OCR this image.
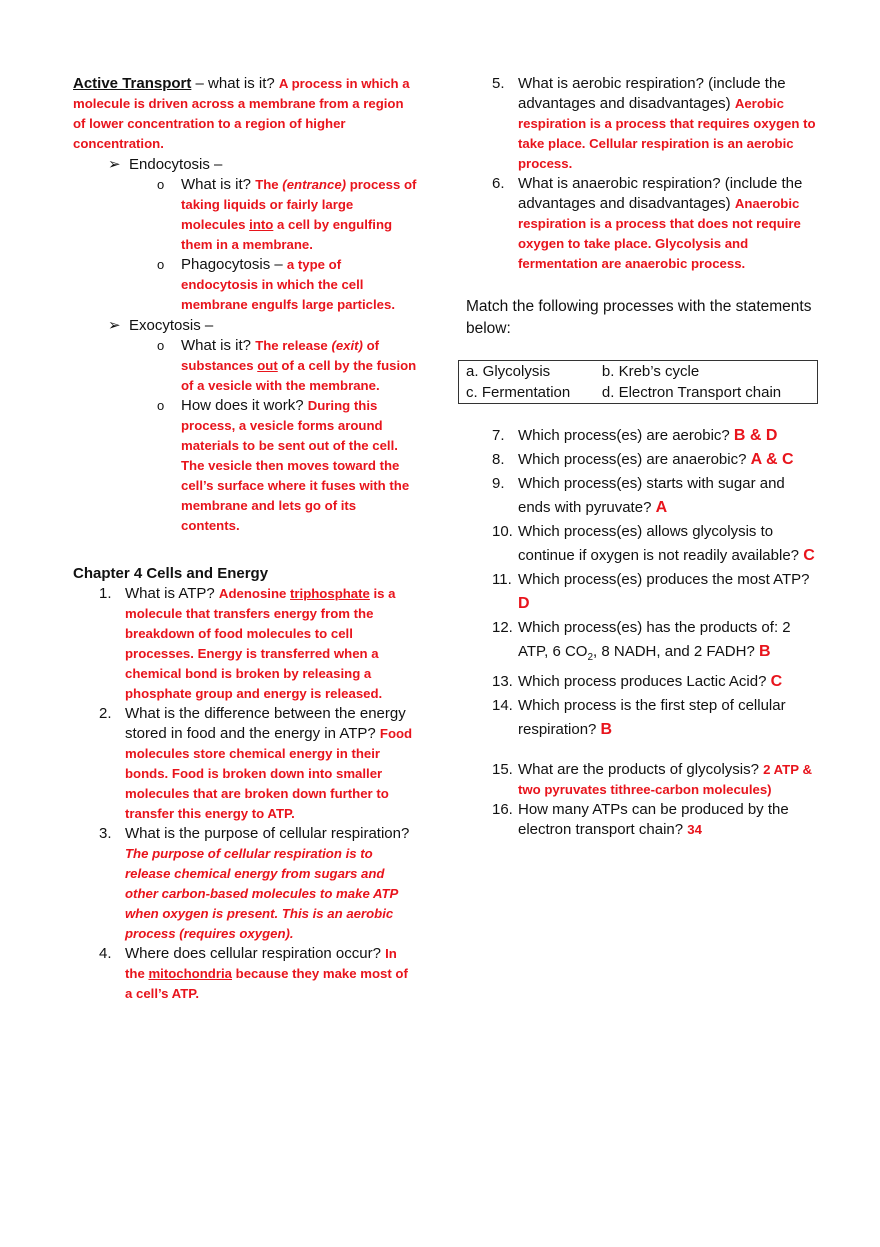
Active Transport – what is it? A process in which a molecule is driven across a membrane from a region of lower concentration to a region of higher concentration.
➢ Endocytosis –
o What is it? The (entrance) process of taking liquids or fairly large molecules into a cell by engulfing them in a membrane.
o Phagocytosis – a type of endocytosis in which the cell membrane engulfs large particles.
➢ Exocytosis –
o What is it? The release (exit) of substances out of a cell by the fusion of a vesicle with the membrane.
o How does it work? During this process, a vesicle forms around materials to be sent out of the cell. The vesicle then moves toward the cell’s surface where it fuses with the membrane and lets go of its contents.
Chapter 4 Cells and Energy
1. What is ATP? Adenosine triphosphate is a molecule that transfers energy from the breakdown of food molecules to cell processes. Energy is transferred when a chemical bond is broken by releasing a phosphate group and energy is released.
2. What is the difference between the energy stored in food and the energy in ATP? Food molecules store chemical energy in their bonds. Food is broken down into smaller molecules that are broken down further to transfer this energy to ATP.
3. What is the purpose of cellular respiration? The purpose of cellular respiration is to release chemical energy from sugars and other carbon-based molecules to make ATP when oxygen is present. This is an aerobic process (requires oxygen).
4. Where does cellular respiration occur? In the mitochondria because they make most of a cell’s ATP.
5. What is aerobic respiration? (include the advantages and disadvantages) Aerobic respiration is a process that requires oxygen to take place. Cellular respiration is an aerobic process.
6. What is anaerobic respiration? (include the advantages and disadvantages) Anaerobic respiration is a process that does not require oxygen to take place. Glycolysis and fermentation are anaerobic process.
Match the following processes with the statements below:
a. Glycolysis	b. Kreb’s cycle
c. Fermentation	d. Electron Transport chain
7. Which process(es) are aerobic? B & D
8. Which process(es) are anaerobic? A & C
9. Which process(es) starts with sugar and ends with pyruvate? A
10. Which process(es) allows glycolysis to continue if oxygen is not readily available? C
11. Which process(es) produces the most ATP? D
12. Which process(es) has the products of: 2 ATP, 6 $CO_2$, 8 NADH, and 2 FADH? B
13. Which process produces Lactic Acid? C
14. Which process is the first step of cellular respiration? B
15. What are the products of glycolysis? 2 ATP & two pyruvates tithree-carbon molecules)
16. How many ATPs can be produced by the electron transport chain? 34
